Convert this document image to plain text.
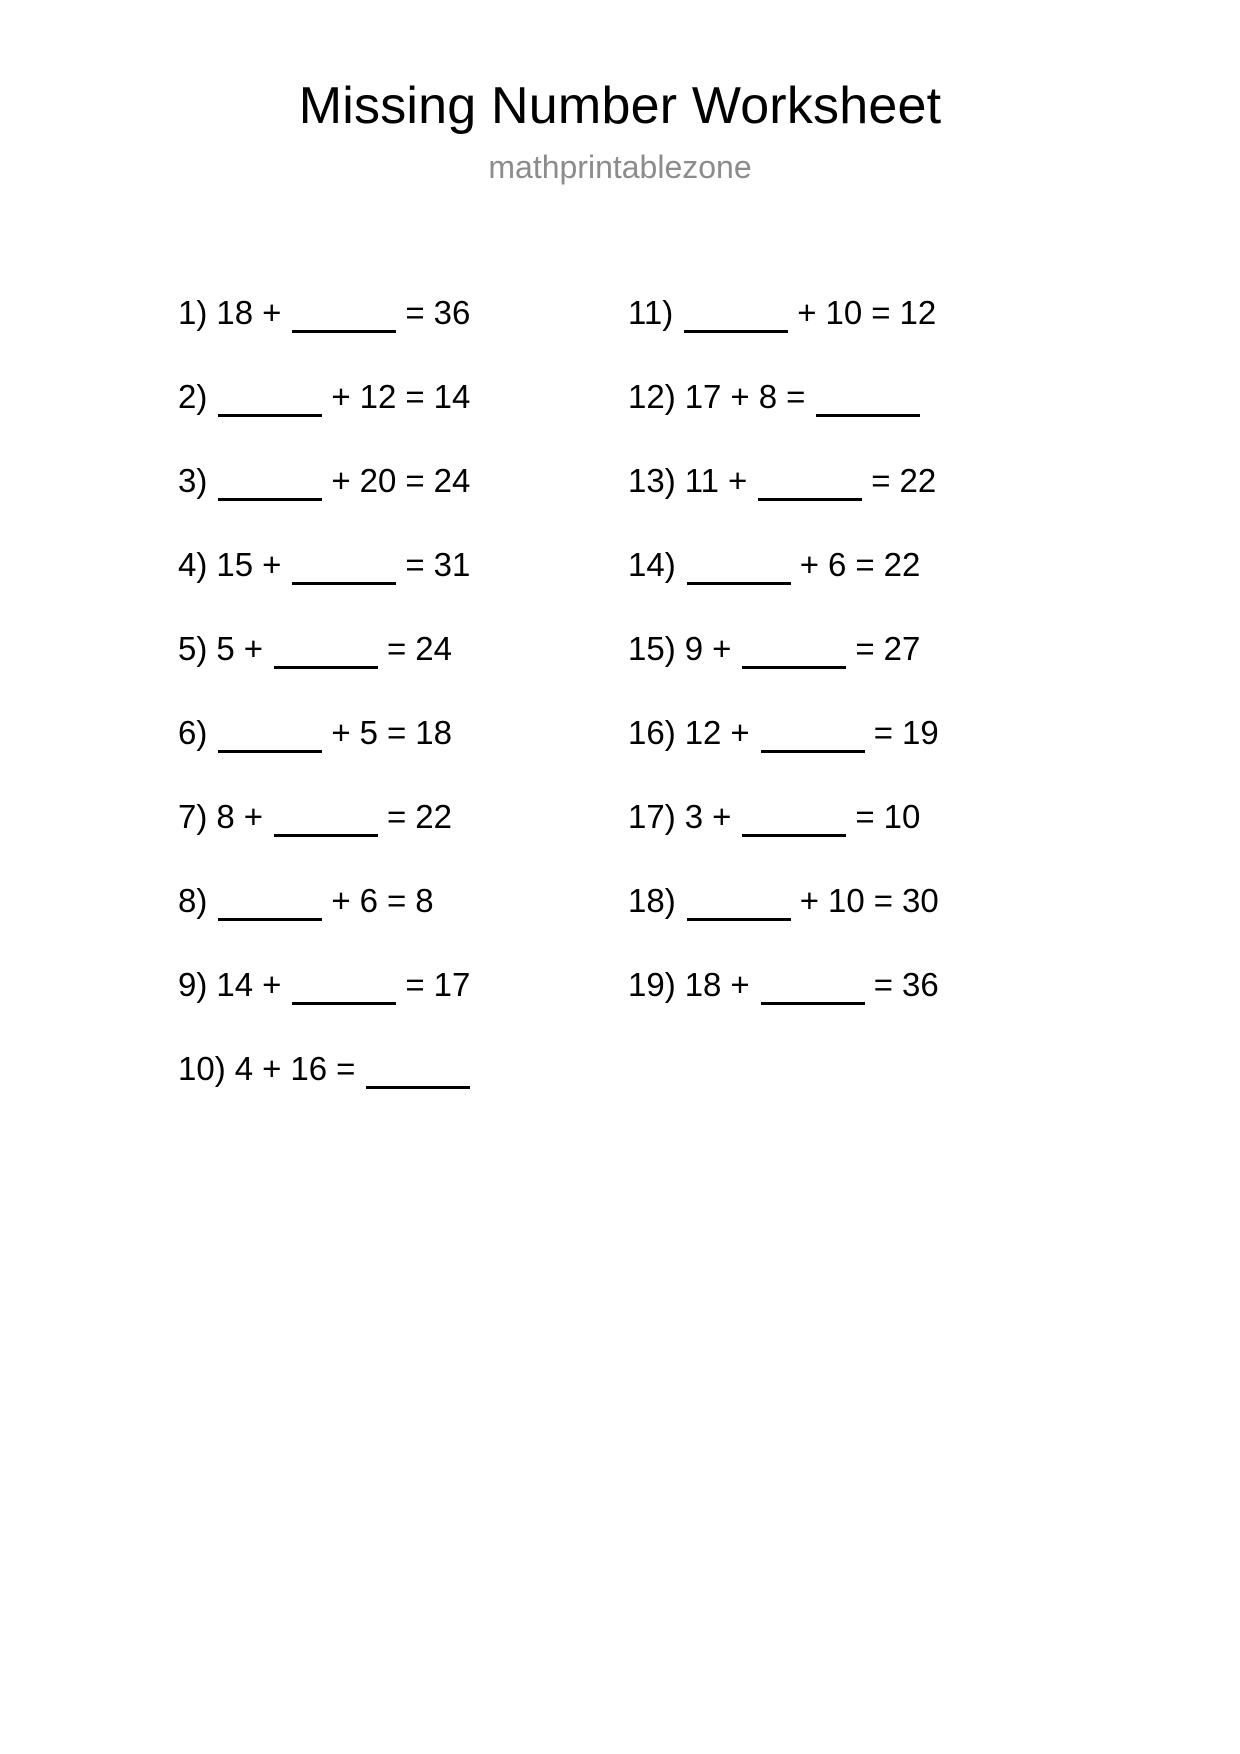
Missing Number Worksheet
mathprintablezone
1) 18 +	= 36
2)	+ 12 = 14
3)	+ 20 = 24
4) 15 +	= 31
5) 5 +	= 24
6)	+ 5 = 18
7) 8 +	= 22
8)	+ 6 = 8
9) 14 +	= 17
10) 4 + 16 =
11)	+ 10 = 12
12) 17 + 8 =
13) 11 +	= 22
14)	+ 6 = 22
15) 9 +	= 27
16) 12 +	= 19
17) 3 +	= 10
18)	+ 10 = 30
19) 18 +	= 36
